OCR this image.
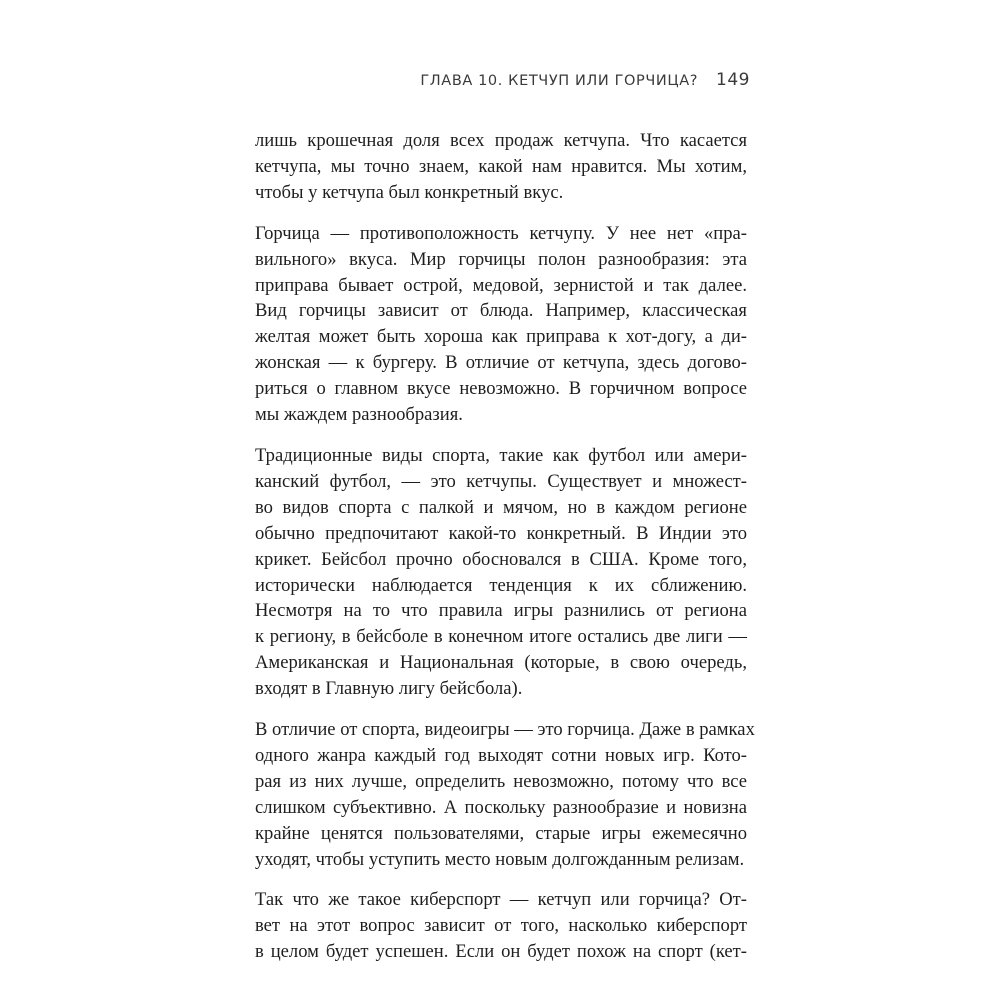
ГЛАВА 10. КЕТЧУП ИЛИ ГОРЧИЦА? 149

лишь крошечная доля всех продаж кетчупа. Что касается
кетчупа, мы точно знаем, какой нам нравится. Мы хотим,
чтобы у кетчупа был конкретный вкус.

Горчица — противоположность кетчупу. У нее нет «пра-
вильного» вкуса. Мир горчицы полон разнообразия: эта
приправа бывает острой, медовой, зернистой и так далее.
Вид горчицы зависит от блюда. Например, классическая
желтая может быть хороша как приправа к хот-догу, а ди-
жонская — к бургеру. В отличие от кетчупа, здесь догово-
риться о главном вкусе невозможно. В горчичном вопросе
мы жаждем разнообразия.

Традиционные виды спорта, такие как футбол или амери-
канский футбол, — это кетчупы. Существует и множест-
во видов спорта с палкой и мячом, но в каждом регионе
обычно предпочитают какой-то конкретный. В Индии это
крикет. Бейсбол прочно обосновался в США. Кроме того,
исторически наблюдается тенденция к их сближению.
Несмотря на то что правила игры разнились от региона
к региону, в бейсболе в конечном итоге остались две лиги —
Американская и Национальная (которые, в свою очередь,
входят в Главную лигу бейсбола).

В отличие от спорта, видеоигры — это горчица. Даже в рамках
одного жанра каждый год выходят сотни новых игр. Кото-
рая из них лучше, определить невозможно, потому что все
слишком субъективно. А поскольку разнообразие и новизна
крайне ценятся пользователями, старые игры ежемесячно
уходят, чтобы уступить место новым долгожданным релизам.

Так что же такое киберспорт — кетчуп или горчица? От-
вет на этот вопрос зависит от того, насколько киберспорт
в целом будет успешен. Если он будет похож на спорт (кет-
